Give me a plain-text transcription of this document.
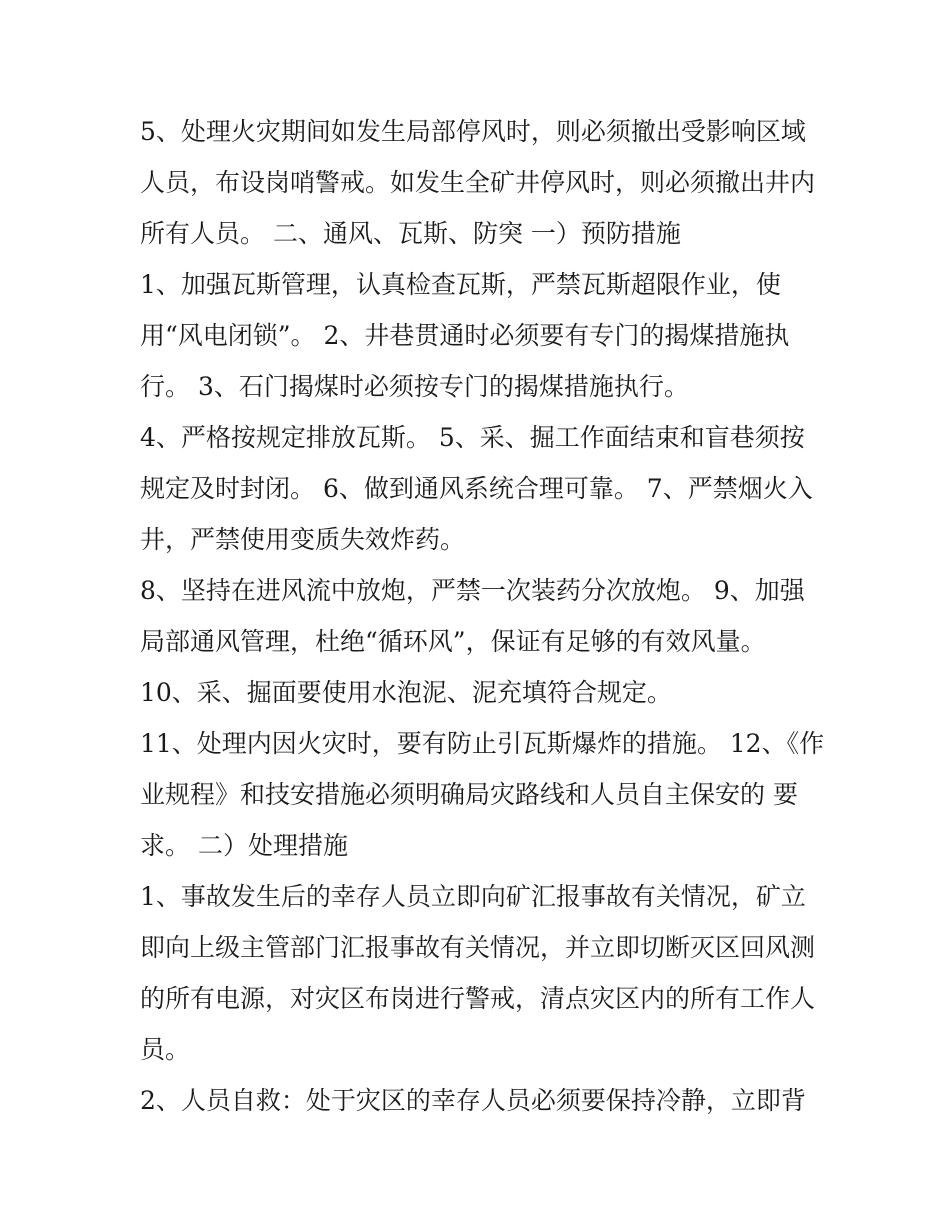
5、处理火灾期间如发生局部停风时，则必须撤出受影响区域
人员，布设岗哨警戒。如发生全矿井停风时，则必须撤出井内
所有人员。 二、通风、瓦斯、防突 一）预防措施

1、加强瓦斯管理，认真检查瓦斯，严禁瓦斯超限作业，使
用“风电闭锁”。 2、井巷贯通时必须要有专门的揭煤措施执
行。 3、石门揭煤时必须按专门的揭煤措施执行。

4、严格按规定排放瓦斯。 5、采、掘工作面结束和盲巷须按
规定及时封闭。 6、做到通风系统合理可靠。 7、严禁烟火入
井，严禁使用变质失效炸药。

8、坚持在进风流中放炮，严禁一次装药分次放炮。 9、加强
局部通风管理，杜绝“循环风”，保证有足够的有效风量。

10、采、掘面要使用水泡泥、泥充填符合规定。

11、处理内因火灾时，要有防止引瓦斯爆炸的措施。 12、《作
业规程》和技安措施必须明确局灾路线和人员自主保安的 要
求。 二）处理措施

1、事故发生后的幸存人员立即向矿汇报事故有关情况，矿立
即向上级主管部门汇报事故有关情况，并立即切断灭区回风测
的所有电源，对灾区布岗进行警戒，清点灾区内的所有工作人
员。

2、人员自救：处于灾区的幸存人员必须要保持冷静，立即背
